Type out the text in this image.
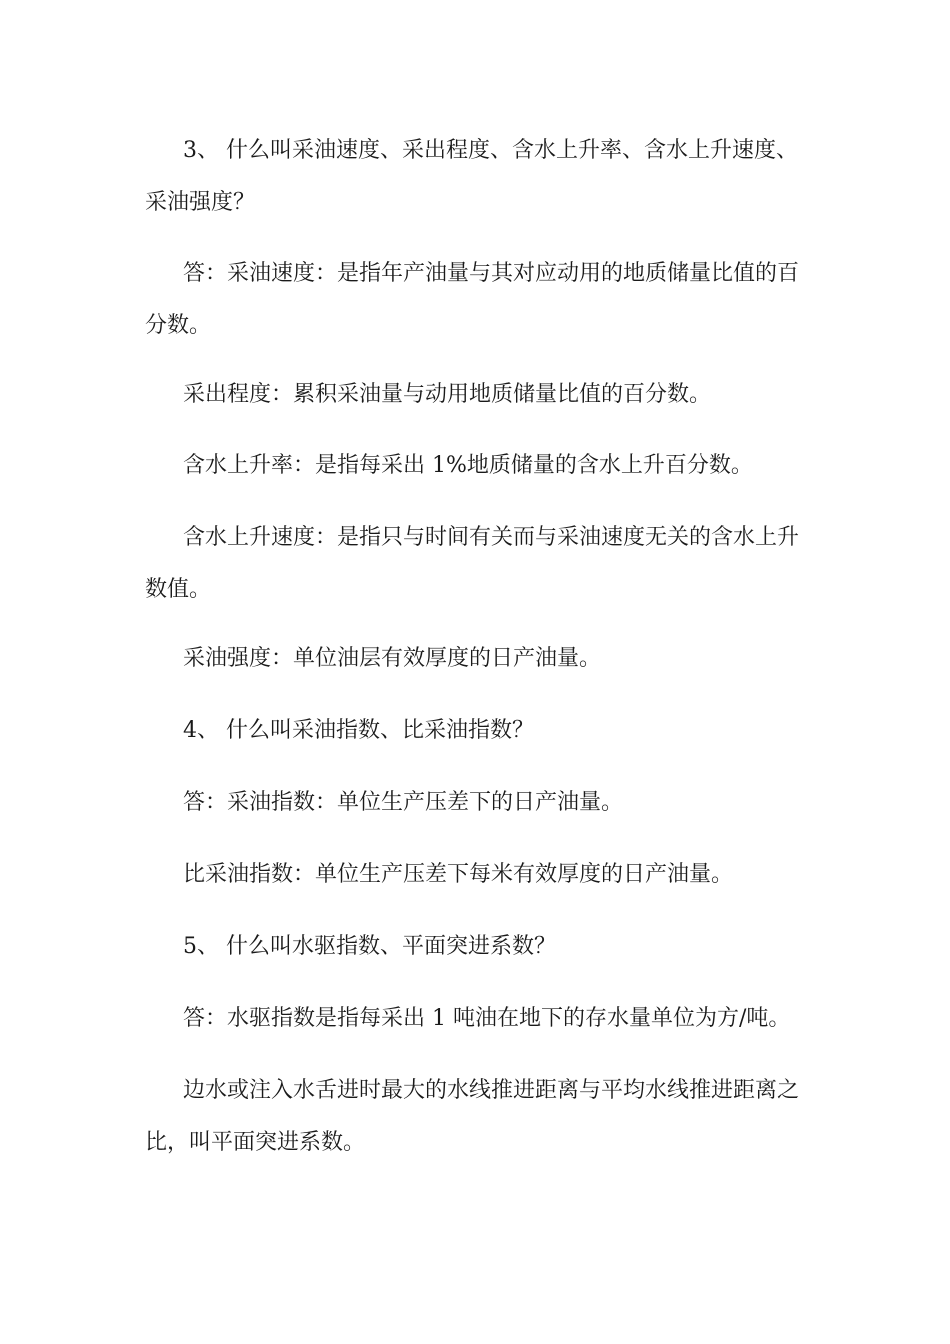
3、 什么叫采油速度、采出程度、含水上升率、含水上升速度、采油强度？

答：采油速度：是指年产油量与其对应动用的地质储量比值的百分数。

采出程度：累积采油量与动用地质储量比值的百分数。

含水上升率：是指每采出 1%地质储量的含水上升百分数。

含水上升速度：是指只与时间有关而与采油速度无关的含水上升数值。

采油强度：单位油层有效厚度的日产油量。

4、 什么叫采油指数、比采油指数？

答：采油指数：单位生产压差下的日产油量。

比采油指数：单位生产压差下每米有效厚度的日产油量。

5、 什么叫水驱指数、平面突进系数？

答：水驱指数是指每采出 1 吨油在地下的存水量单位为方/吨。

边水或注入水舌进时最大的水线推进距离与平均水线推进距离之比，叫平面突进系数。
